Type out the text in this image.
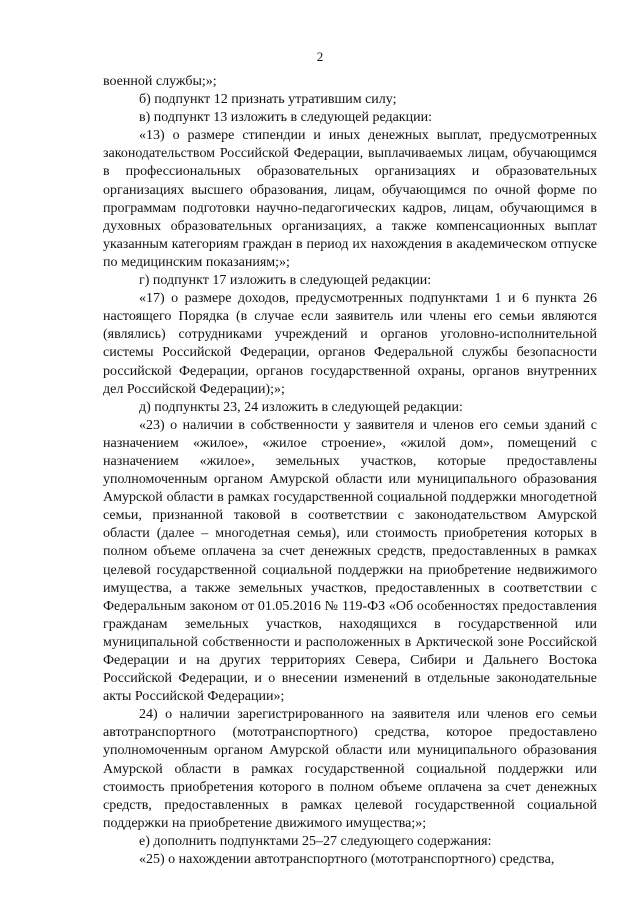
2

военной службы;»;

б) подпункт 12 признать утратившим силу;

в) подпункт 13 изложить в следующей редакции:

«13) о размере стипендии и иных денежных выплат, предусмотренных законодательством Российской Федерации, выплачиваемых лицам, обучающимся в профессиональных образовательных организациях и образовательных организациях высшего образования, лицам, обучающимся по очной форме по программам подготовки научно-педагогических кадров, лицам, обучающимся в духовных образовательных организациях, а также компенсационных выплат указанным категориям граждан в период их нахождения в академическом отпуске по медицинским показаниям;»;

г) подпункт 17 изложить в следующей редакции:

«17) о размере доходов, предусмотренных подпунктами 1 и 6 пункта 26 настоящего Порядка (в случае если заявитель или члены его семьи являются (являлись) сотрудниками учреждений и органов уголовно-исполнительной системы Российской Федерации, органов Федеральной службы безопасности российской Федерации, органов государственной охраны, органов внутренних дел Российской Федерации);»;

д) подпункты 23, 24 изложить в следующей редакции:

«23) о наличии в собственности у заявителя и членов его семьи зданий с назначением «жилое», «жилое строение», «жилой дом», помещений с назначением «жилое», земельных участков, которые предоставлены уполномоченным органом Амурской области или муниципального образования Амурской области в рамках государственной социальной поддержки многодетной семьи, признанной таковой в соответствии с законодательством Амурской области (далее – многодетная семья), или стоимость приобретения которых в полном объеме оплачена за счет денежных средств, предоставленных в рамках целевой государственной социальной поддержки на приобретение недвижимого имущества, а также земельных участков, предоставленных в соответствии с Федеральным законом от 01.05.2016 № 119-ФЗ «Об особенностях предоставления гражданам земельных участков, находящихся в государственной или муниципальной собственности и расположенных в Арктической зоне Российской Федерации и на других территориях Севера, Сибири и Дальнего Востока Российской Федерации, и о внесении изменений в отдельные законодательные акты Российской Федерации»;

24) о наличии зарегистрированного на заявителя или членов его семьи автотранспортного (мототранспортного) средства, которое предоставлено уполномоченным органом Амурской области или муниципального образования Амурской области в рамках государственной социальной поддержки или стоимость приобретения которого в полном объеме оплачена за счет денежных средств, предоставленных в рамках целевой государственной социальной поддержки на приобретение движимого имущества;»;

е) дополнить подпунктами 25–27 следующего содержания:

«25) о нахождении автотранспортного (мототранспортного) средства,
